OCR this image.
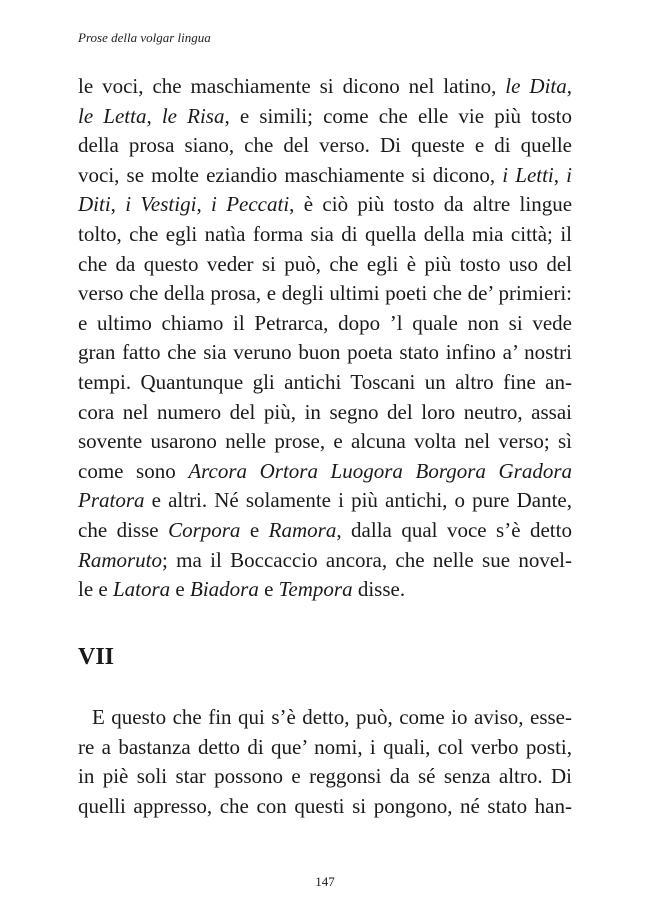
Prose della volgar lingua
le voci, che maschiamente si dicono nel latino, le Dita,
le Letta, le Risa, e simili; come che elle vie più tosto
della prosa siano, che del verso. Di queste e di quelle
voci, se molte eziandio maschiamente si dicono, i Letti, i
Diti, i Vestigi, i Peccati, è ciò più tosto da altre lingue
tolto, che egli natìa forma sia di quella della mia città; il
che da questo veder si può, che egli è più tosto uso del
verso che della prosa, e degli ultimi poeti che de’ primieri:
e ultimo chiamo il Petrarca, dopo ’l quale non si vede
gran fatto che sia veruno buon poeta stato infino a’ nostri
tempi. Quantunque gli antichi Toscani un altro fine an-
cora nel numero del più, in segno del loro neutro, assai
sovente usarono nelle prose, e alcuna volta nel verso; sì
come sono Arcora Ortora Luogora Borgora Gradora
Pratora e altri. Né solamente i più antichi, o pure Dante,
che disse Corpora e Ramora, dalla qual voce s’è detto
Ramoruto; ma il Boccaccio ancora, che nelle sue novel-
le e Latora e Biadora e Tempora disse.
VII
E questo che fin qui s’è detto, può, come io aviso, esse-
re a bastanza detto di que’ nomi, i quali, col verbo posti,
in piè soli star possono e reggonsi da sé senza altro. Di
quelli appresso, che con questi si pongono, né stato han-
147
